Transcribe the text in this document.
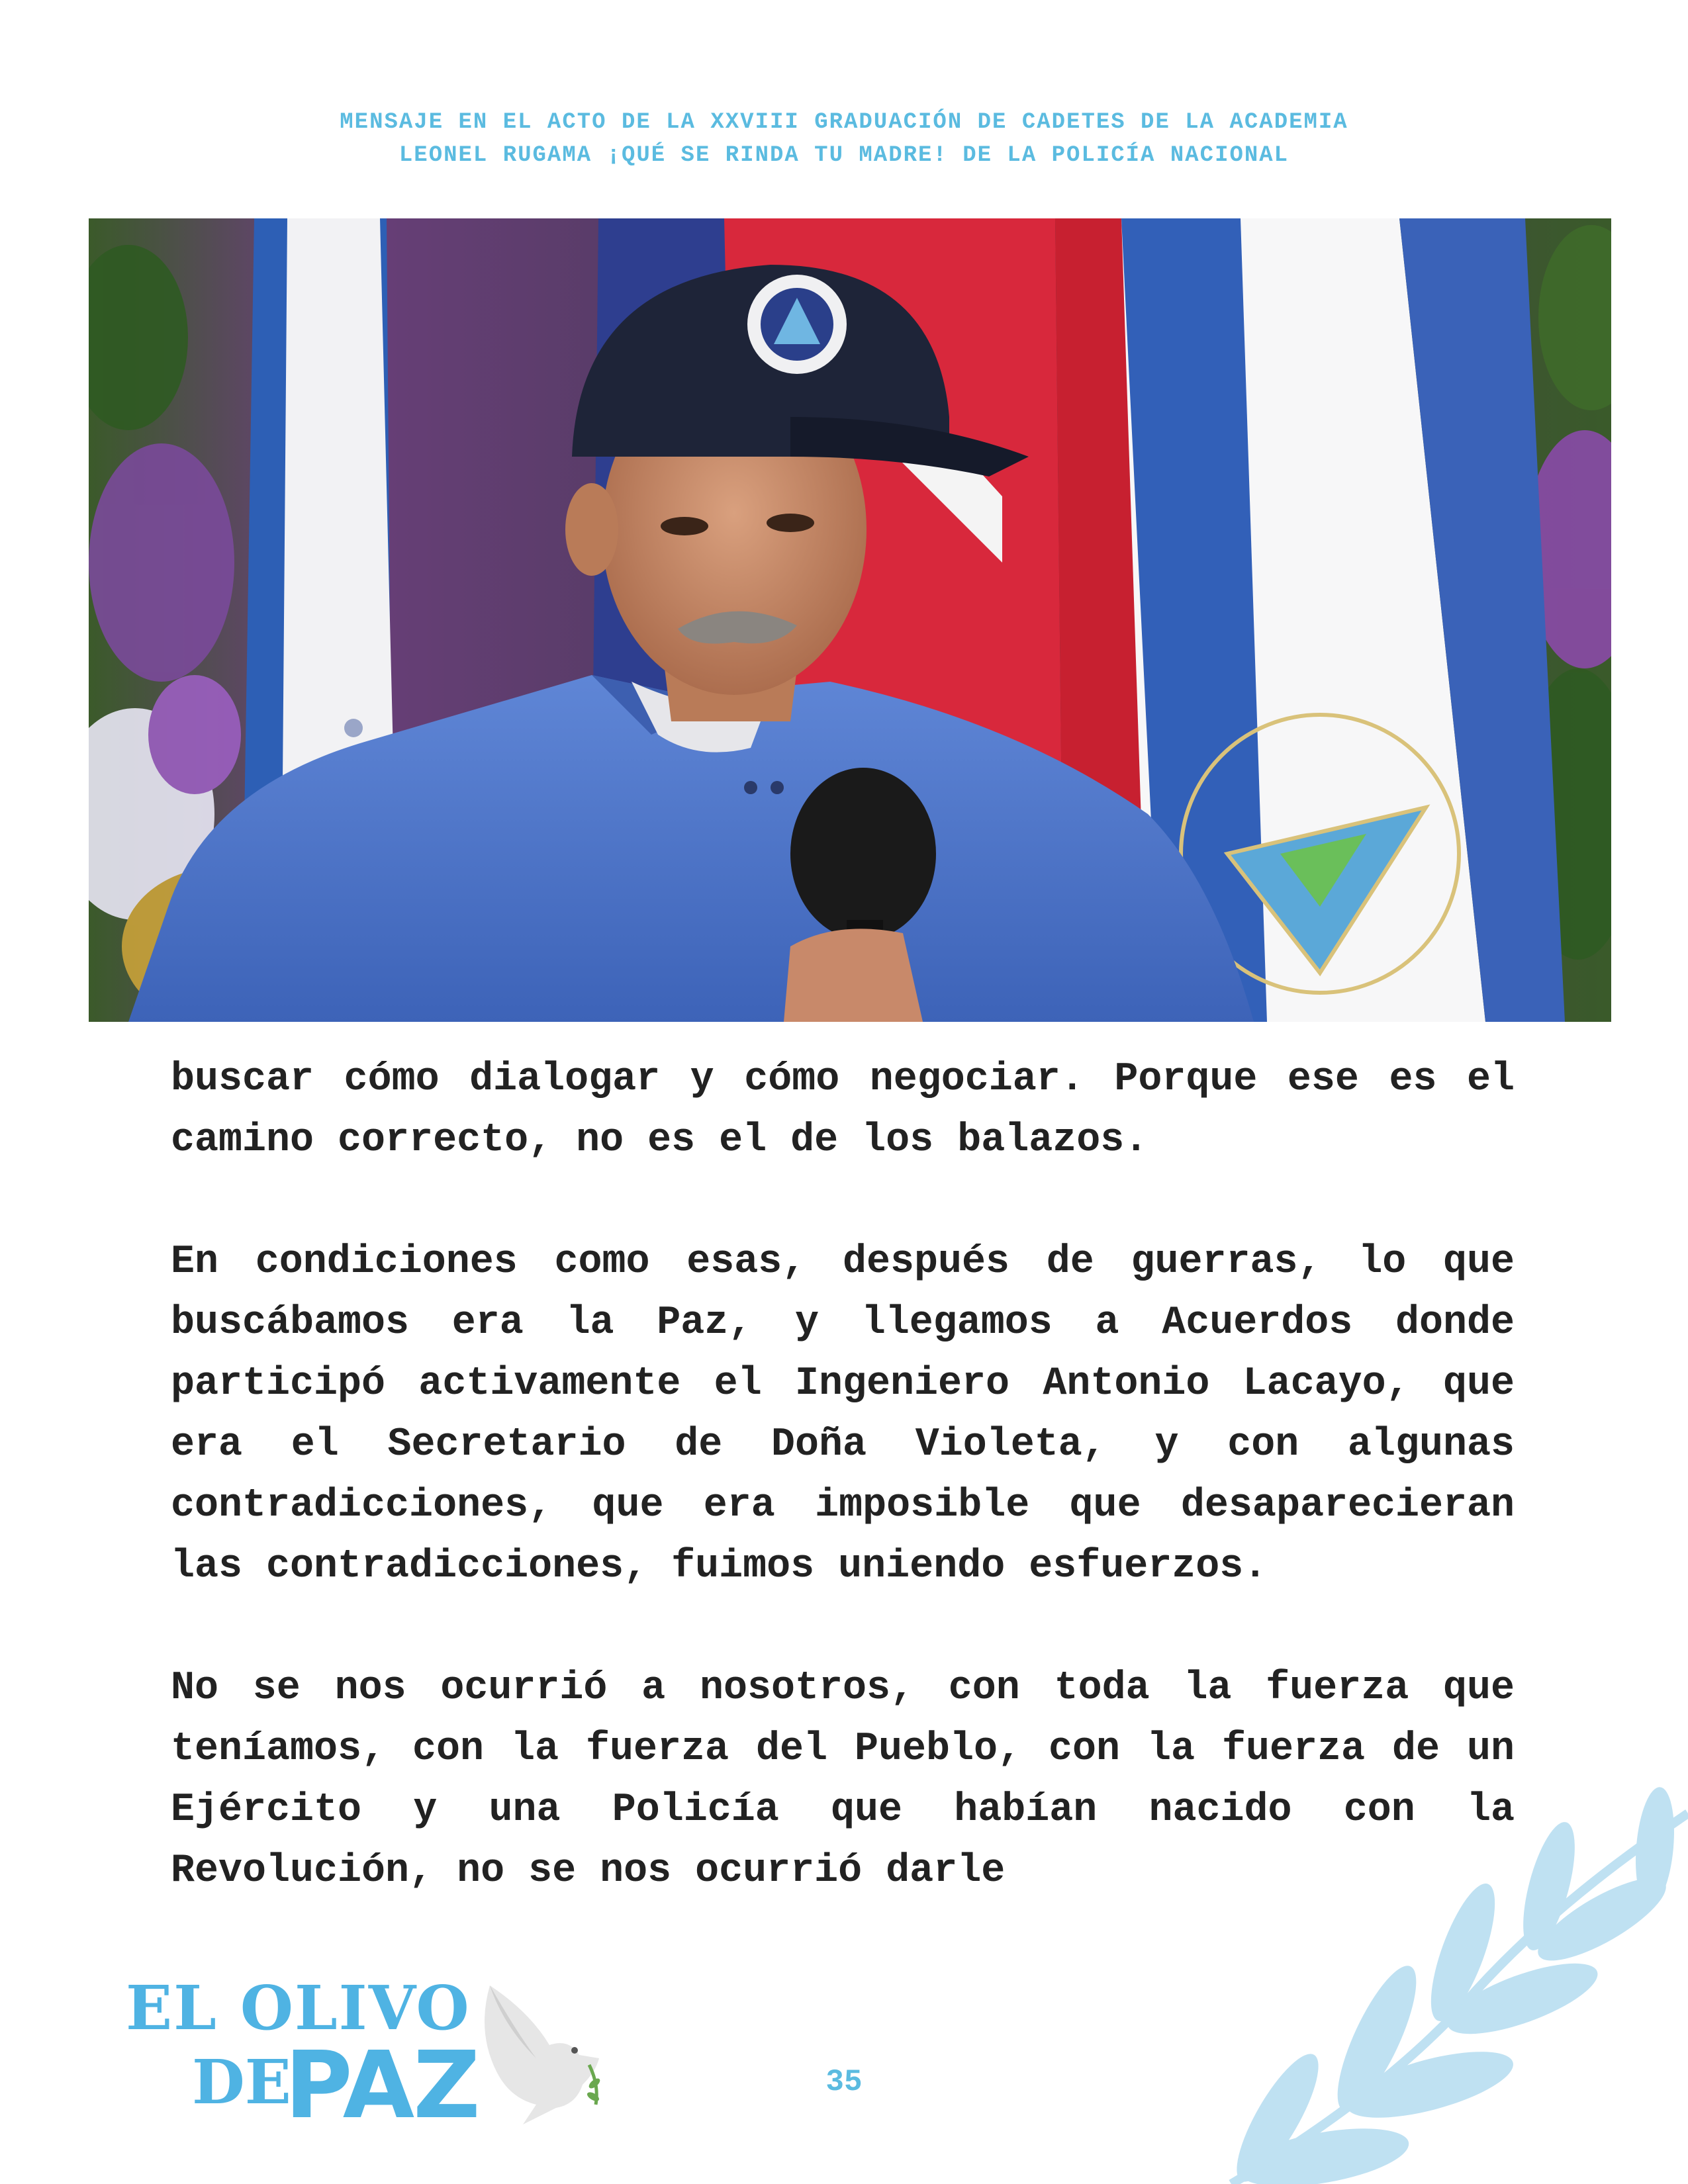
MENSAJE EN EL ACTO DE LA XXVIII GRADUACIÓN DE CADETES DE LA ACADEMIA
LEONEL RUGAMA ¡QUÉ SE RINDA TU MADRE! DE LA POLICÍA NACIONAL

buscar cómo dialogar y cómo negociar. Porque ese es el camino correcto, no es el de los balazos.

En condiciones como esas, después de guerras, lo que buscábamos era la Paz, y llegamos a Acuerdos donde participó activamente el Ingeniero Antonio Lacayo, que era el Secretario de Doña Violeta, y con algunas contradicciones, que era imposible que desaparecieran las contradicciones, fuimos uniendo esfuerzos.

No se nos ocurrió a nosotros, con toda la fuerza que teníamos, con la fuerza del Pueblo, con la fuerza de un Ejército y una Policía que habían nacido con la Revolución, no se nos ocurrió darle

EL OLIVO
DE
PAZ	35
